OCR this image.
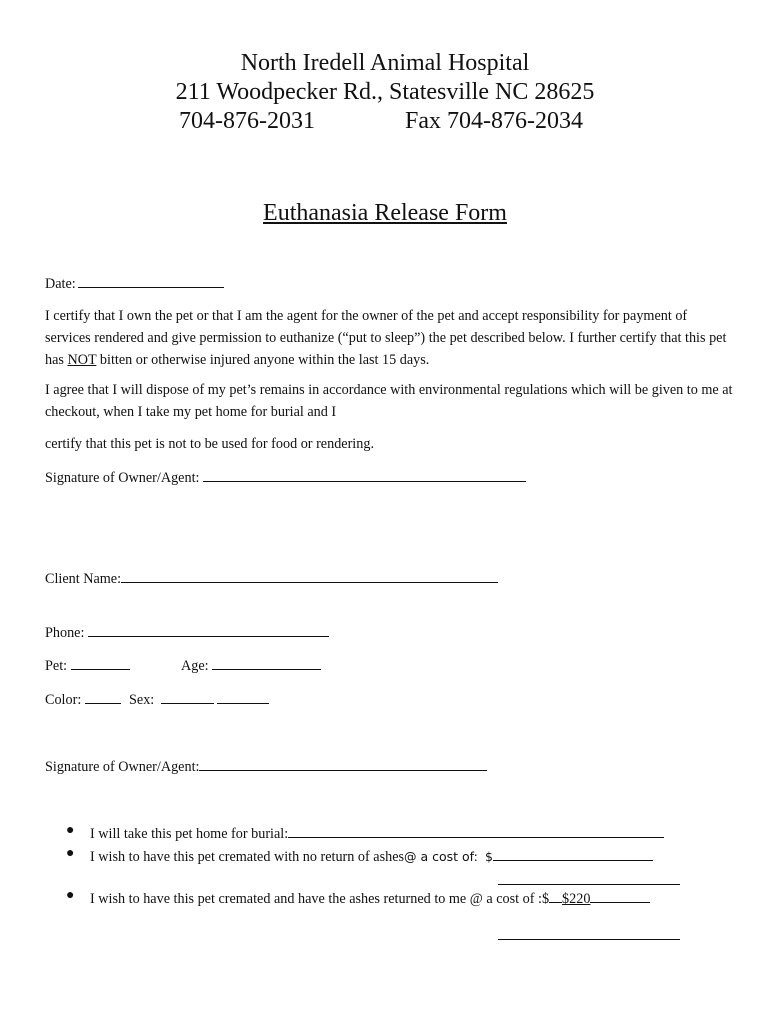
North Iredell Animal Hospital
211 Woodpecker Rd., Statesville NC 28625
704-876-2031	Fax 704-876-2034
Euthanasia Release Form
Date:
I certify that I own the pet or that I am the agent for the owner of the pet and accept responsibility for payment of services rendered and give permission to euthanize (“put to sleep”) the pet described below. I further certify that this pet has NOT bitten or otherwise injured anyone within the last 15 days.
I agree that I will dispose of my pet’s remains in accordance with environmental regulations which will be given to me at checkout, when I take my pet home for burial and I
certify that this pet is not to be used for food or rendering.
Signature of Owner/Agent:
Client Name:
Phone:
Pet:	Age:
Color:	Sex:
Signature of Owner/Agent:
● I will take this pet home for burial:
● I wish to have this pet cremated with no return of ashes@ a cost of: $
● I wish to have this pet cremated and have the ashes returned to me @ a cost of :$ $220
